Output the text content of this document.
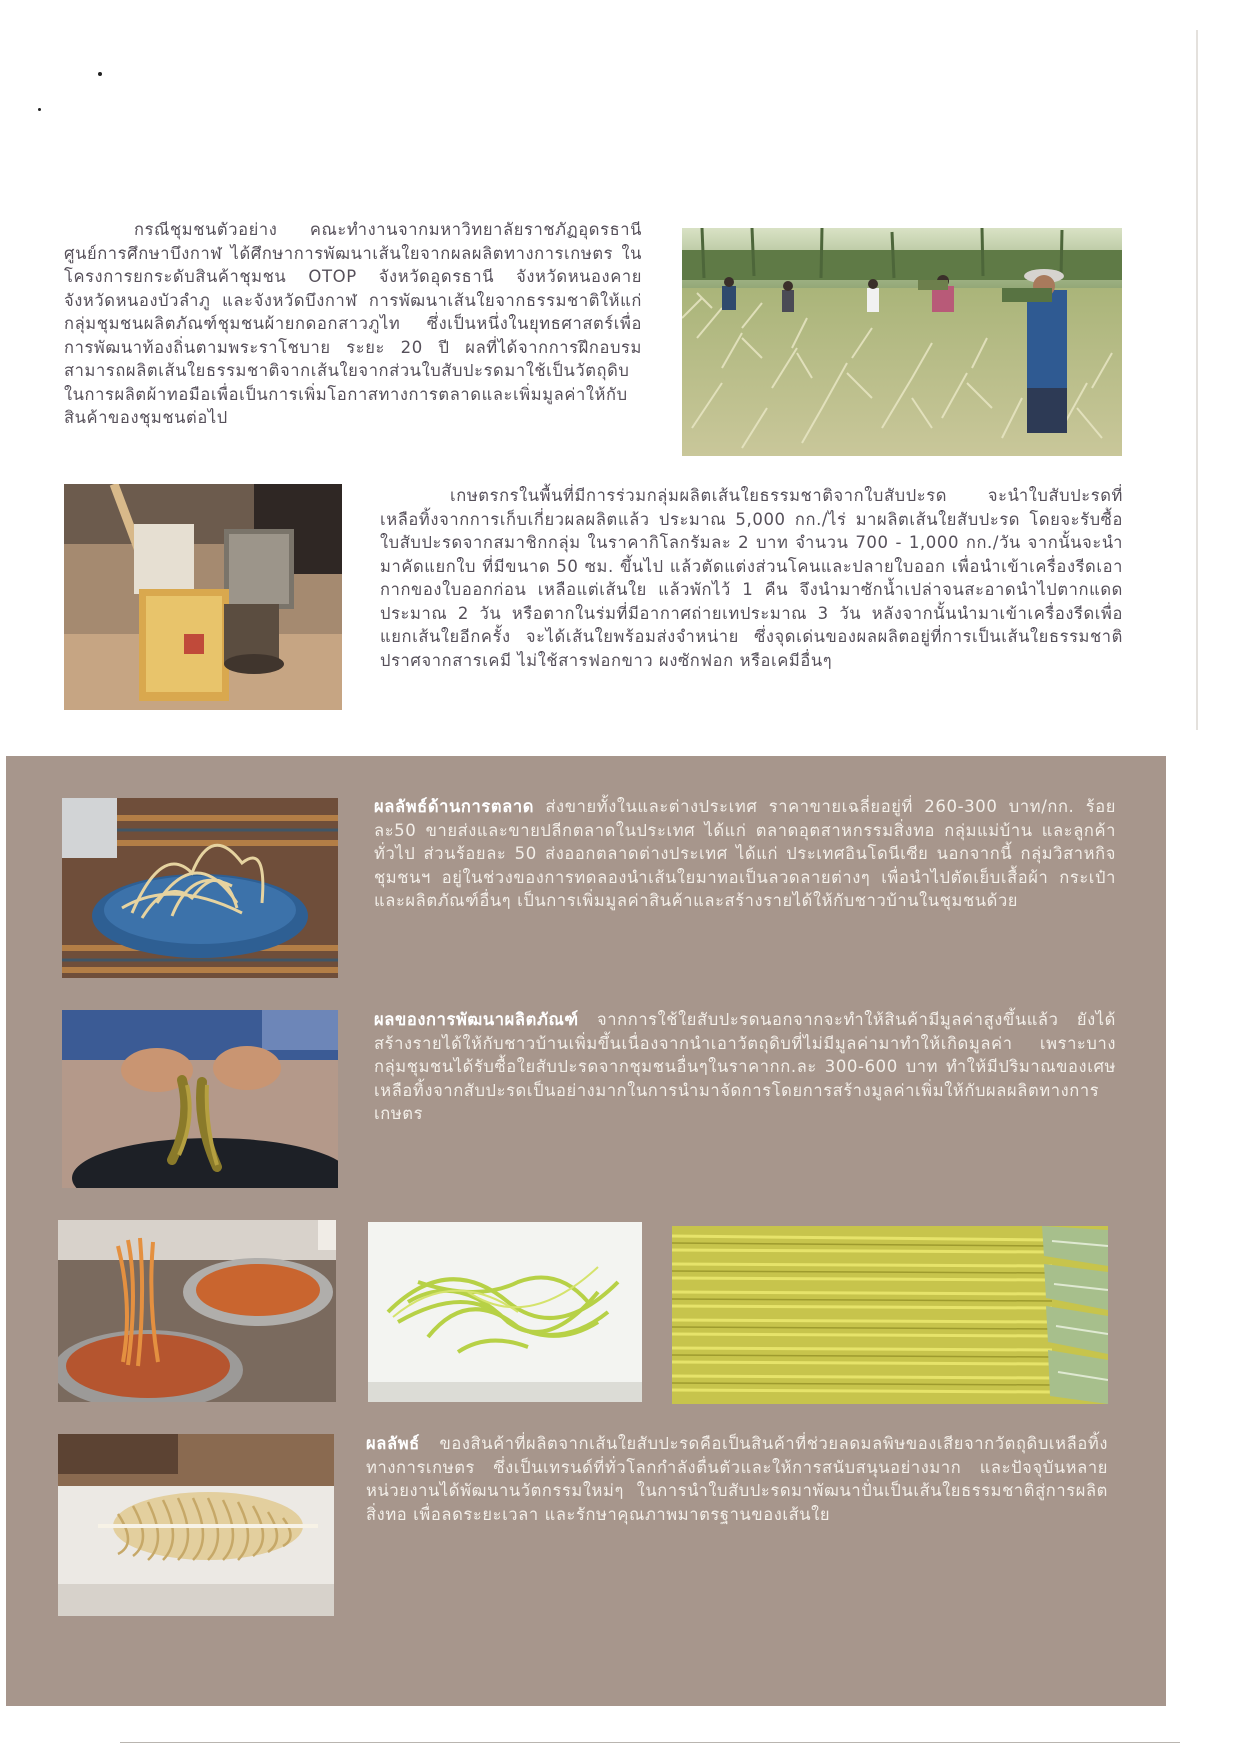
กรณีชุมชนตัวอย่าง คณะทำงานจากมหาวิทยาลัยราชภัฏอุดรธานี ศูนย์การศึกษาบึงกาฬ ได้ศึกษาการพัฒนาเส้นใยจากผลผลิตทางการเกษตร ในโครงการยกระดับสินค้าชุมชน OTOP จังหวัดอุดรธานี จังหวัดหนองคาย จังหวัดหนองบัวลำภู และจังหวัดบึงกาฬ การพัฒนาเส้นใยจากธรรมชาติให้แก่กลุ่มชุมชนผลิตภัณฑ์ชุมชนผ้ายกดอกสาวภูไท ซึ่งเป็นหนึ่งในยุทธศาสตร์เพื่อการพัฒนาท้องถิ่นตามพระราโชบาย ระยะ 20 ปี ผลที่ได้จากการฝึกอบรม สามารถผลิตเส้นใยธรรมชาติจากเส้นใยจากส่วนใบสับปะรดมาใช้เป็นวัตถุดิบในการผลิตผ้าทอมือเพื่อเป็นการเพิ่มโอกาสทางการตลาดและเพิ่มมูลค่าให้กับสินค้าของชุมชนต่อไป

เกษตรกรในพื้นที่มีการร่วมกลุ่มผลิตเส้นใยธรรมชาติจากใบสับปะรด จะนำใบสับปะรดที่เหลือทิ้งจากการเก็บเกี่ยวผลผลิตแล้ว ประมาณ 5,000 กก./ไร่ มาผลิตเส้นใยสับปะรด โดยจะรับซื้อใบสับปะรดจากสมาชิกกลุ่ม ในราคากิโลกรัมละ 2 บาท จำนวน 700 - 1,000 กก./วัน จากนั้นจะนำมาคัดแยกใบ ที่มีขนาด 50 ซม. ขึ้นไป แล้วตัดแต่งส่วนโคนและปลายใบออก เพื่อนำเข้าเครื่องรีดเอากากของใบออกก่อน เหลือแต่เส้นใย แล้วพักไว้ 1 คืน จึงนำมาซักน้ำเปล่าจนสะอาดนำไปตากแดดประมาณ 2 วัน หรือตากในร่มที่มีอากาศถ่ายเทประมาณ 3 วัน หลังจากนั้นนำมาเข้าเครื่องรีดเพื่อแยกเส้นใยอีกครั้ง จะได้เส้นใยพร้อมส่งจำหน่าย ซึ่งจุดเด่นของผลผลิตอยู่ที่การเป็นเส้นใยธรรมชาติ ปราศจากสารเคมี ไม่ใช้สารฟอกขาว ผงซักฟอก หรือเคมีอื่นๆ

ผลลัพธ์ด้านการตลาด ส่งขายทั้งในและต่างประเทศ ราคาขายเฉลี่ยอยู่ที่ 260-300 บาท/กก. ร้อยละ50 ขายส่งและขายปลีกตลาดในประเทศ ได้แก่ ตลาดอุตสาหกรรมสิ่งทอ กลุ่มแม่บ้าน และลูกค้าทั่วไป ส่วนร้อยละ 50 ส่งออกตลาดต่างประเทศ ได้แก่ ประเทศอินโดนีเซีย นอกจากนี้ กลุ่มวิสาหกิจชุมชนฯ อยู่ในช่วงของการทดลองนำเส้นใยมาทอเป็นลวดลายต่างๆ เพื่อนำไปตัดเย็บเสื้อผ้า กระเป๋า และผลิตภัณฑ์อื่นๆ เป็นการเพิ่มมูลค่าสินค้าและสร้างรายได้ให้กับชาวบ้านในชุมชนด้วย

ผลของการพัฒนาผลิตภัณฑ์ จากการใช้ใยสับปะรดนอกจากจะทำให้สินค้ามีมูลค่าสูงขึ้นแล้ว ยังได้สร้างรายได้ให้กับชาวบ้านเพิ่มขึ้นเนื่องจากนำเอาวัตถุดิบที่ไม่มีมูลค่ามาทำให้เกิดมูลค่า เพราะบางกลุ่มชุมชนได้รับซื้อใยสับปะรดจากชุมชนอื่นๆในราคากก.ละ 300-600 บาท ทำให้มีปริมาณของเศษเหลือทิ้งจากสับปะรดเป็นอย่างมากในการนำมาจัดการโดยการสร้างมูลค่าเพิ่มให้กับผลผลิตทางการเกษตร

ผลลัพธ์ ของสินค้าที่ผลิตจากเส้นใยสับปะรดคือเป็นสินค้าที่ช่วยลดมลพิษของเสียจากวัตถุดิบเหลือทิ้งทางการเกษตร ซึ่งเป็นเทรนด์ที่ทั่วโลกกำลังตื่นตัวและให้การสนับสนุนอย่างมาก และปัจจุบันหลายหน่วยงานได้พัฒนานวัตกรรมใหม่ๆ ในการนำใบสับปะรดมาพัฒนาปั่นเป็นเส้นใยธรรมชาติสู่การผลิตสิ่งทอ เพื่อลดระยะเวลา และรักษาคุณภาพมาตรฐานของเส้นใย
